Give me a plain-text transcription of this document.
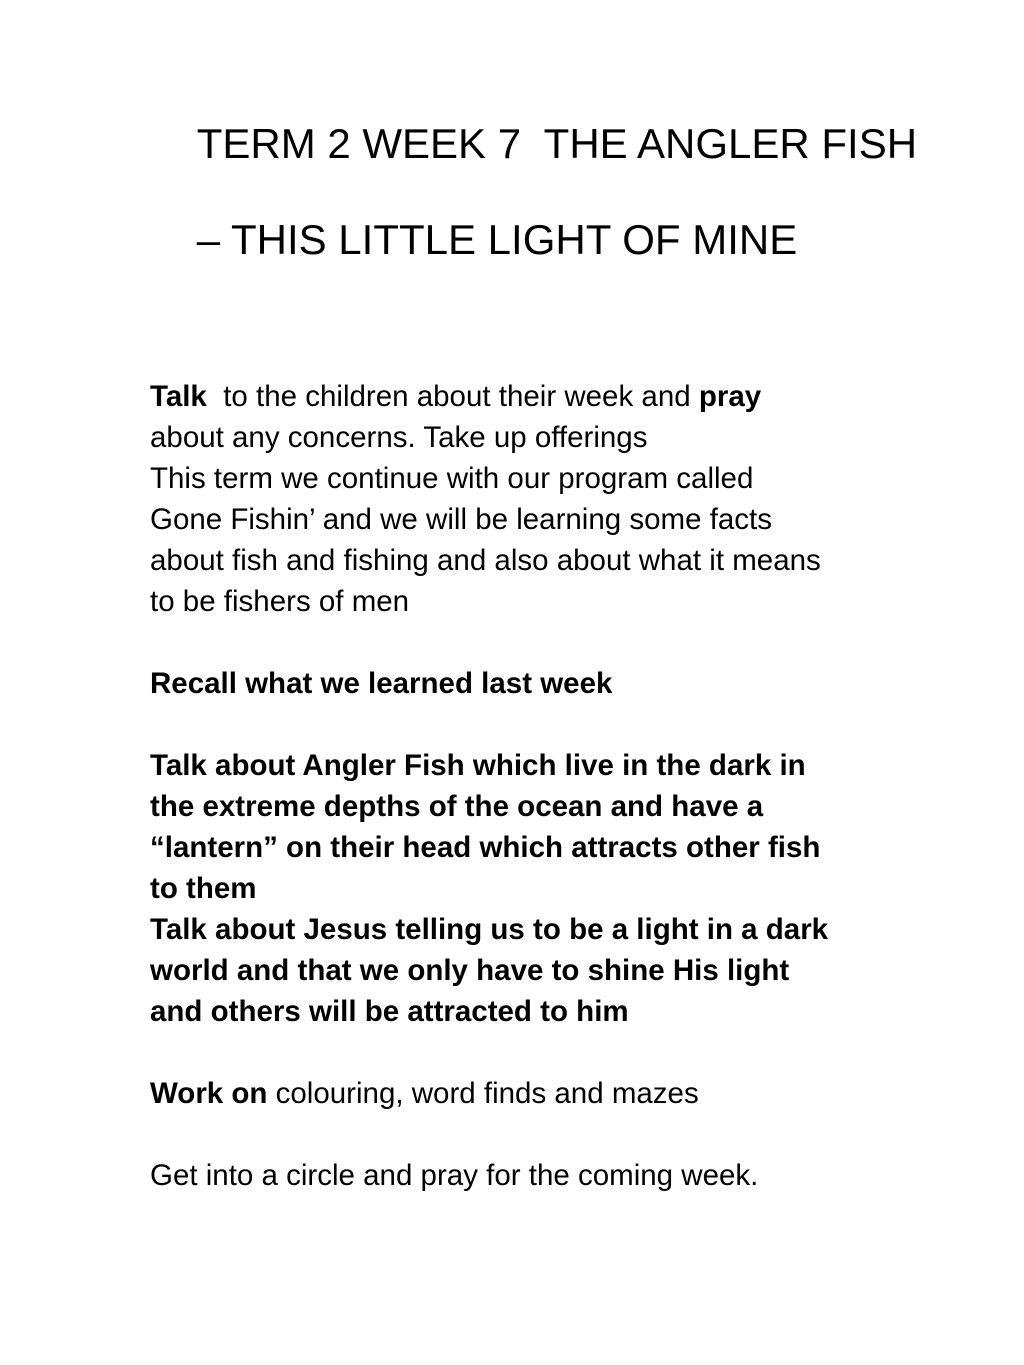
TERM 2 WEEK 7  THE ANGLER FISH

– THIS LITTLE LIGHT OF MINE

Talk  to the children about their week and pray
about any concerns. Take up offerings
This term we continue with our program called
Gone Fishin’ and we will be learning some facts
about fish and fishing and also about what it means
to be fishers of men

Recall what we learned last week

Talk about Angler Fish which live in the dark in
the extreme depths of the ocean and have a
“lantern” on their head which attracts other fish
to them

Talk about Jesus telling us to be a light in a dark
world and that we only have to shine His light
and others will be attracted to him

Work on colouring, word finds and mazes

Get into a circle and pray for the coming week.
